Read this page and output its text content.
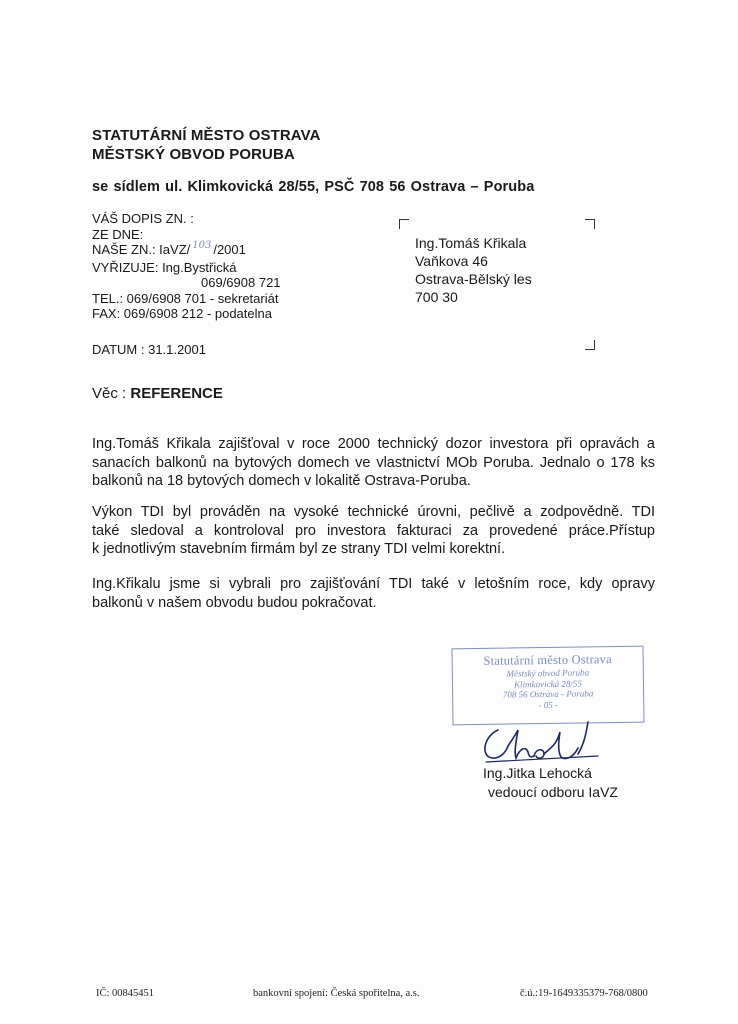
STATUTÁRNÍ MĚSTO OSTRAVA
MĚSTSKÝ OBVOD PORUBA
se sídlem ul. Klimkovická 28/55, PSČ 708 56 Ostrava – Poruba
VÁŠ DOPIS ZN. :
ZE DNE:
NAŠE ZN.: IaVZ/ $^{103}$ /2001
VYŘIZUJE: Ing.Bystřická
069/6908 721
TEL.: 069/6908 701 - sekretariát
FAX: 069/6908 212 - podatelna
DATUM : 31.1.2001
Ing.Tomáš Křikala
Vaňkova 46
Ostrava-Bělský les
700 30
Věc : REFERENCE
Ing.Tomáš Křikala zajišťoval v roce 2000 technický dozor investora při opravách a
sanacích balkonů na bytových domech ve vlastnictví MOb Poruba. Jednalo o 178 ks
balkonů na 18 bytových domech v lokalitě Ostrava-Poruba.
Výkon TDI byl prováděn na vysoké technické úrovni, pečlivě a zodpovědně. TDI
také sledoval a kontroloval pro investora fakturaci za provedené práce.Přístup
k jednotlivým stavebním firmám byl ze strany TDI velmi korektní.
Ing.Křikalu jsme si vybrali pro zajišťování TDI také v letošním roce, kdy opravy
balkonů v našem obvodu budou pokračovat.
Statutární město Ostrava
Městský obvod Poruba
Klimkovická 28/55
708 56 Ostrava - Poruba
- 05 -
Ing.Jitka Lehocká
vedoucí odboru IaVZ
IČ: 00845451	bankovní spojení: Česká spořitelna, a.s.	č.ú.:19-1649335379-768/0800
